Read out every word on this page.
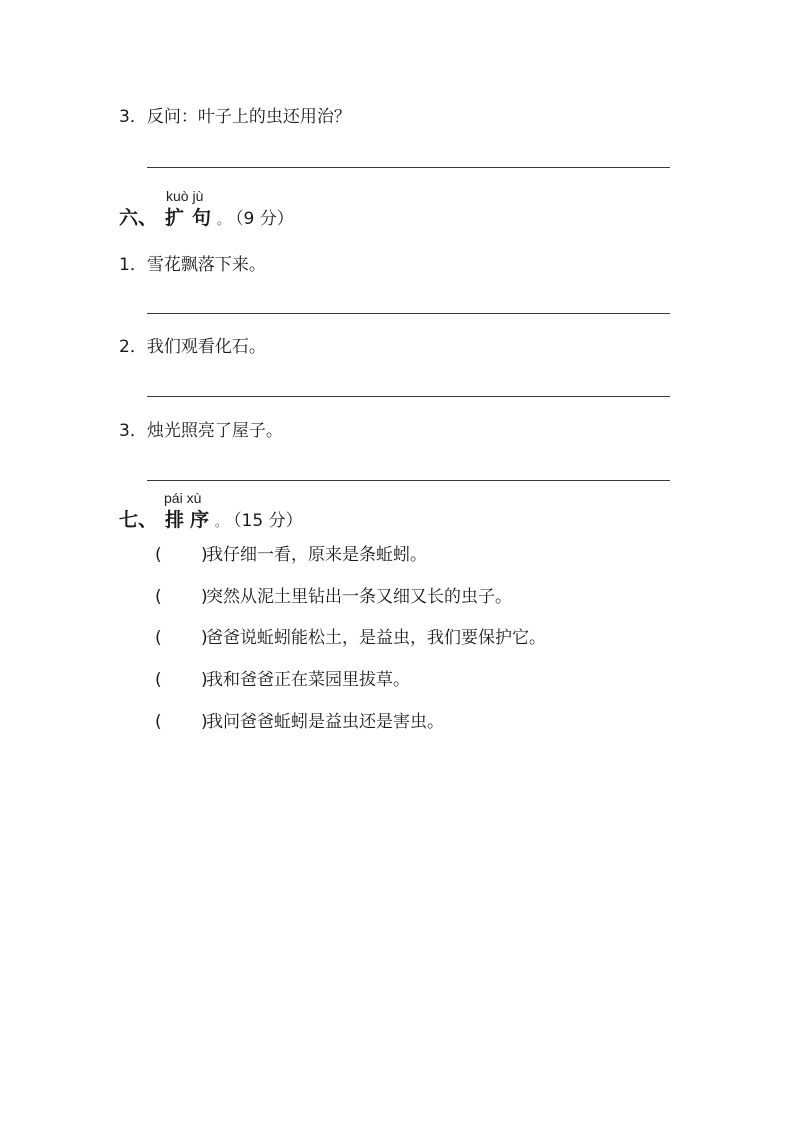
3．反问：叶子上的虫还用治？
kuò jù
六、 扩 句 。 （9 分）
1．雪花飘落下来。
2．我们观看化石。
3．烛光照亮了屋子。
pái xù
七、 排 序 。 （15 分）
( )
我仔细一看，原来是条蚯蚓。
( )
突然从泥土里钻出一条又细又长的虫子。
( )
爸爸说蚯蚓能松土，是益虫，我们要保护它。
( )
我和爸爸正在菜园里拔草。
( )
我问爸爸蚯蚓是益虫还是害虫。
